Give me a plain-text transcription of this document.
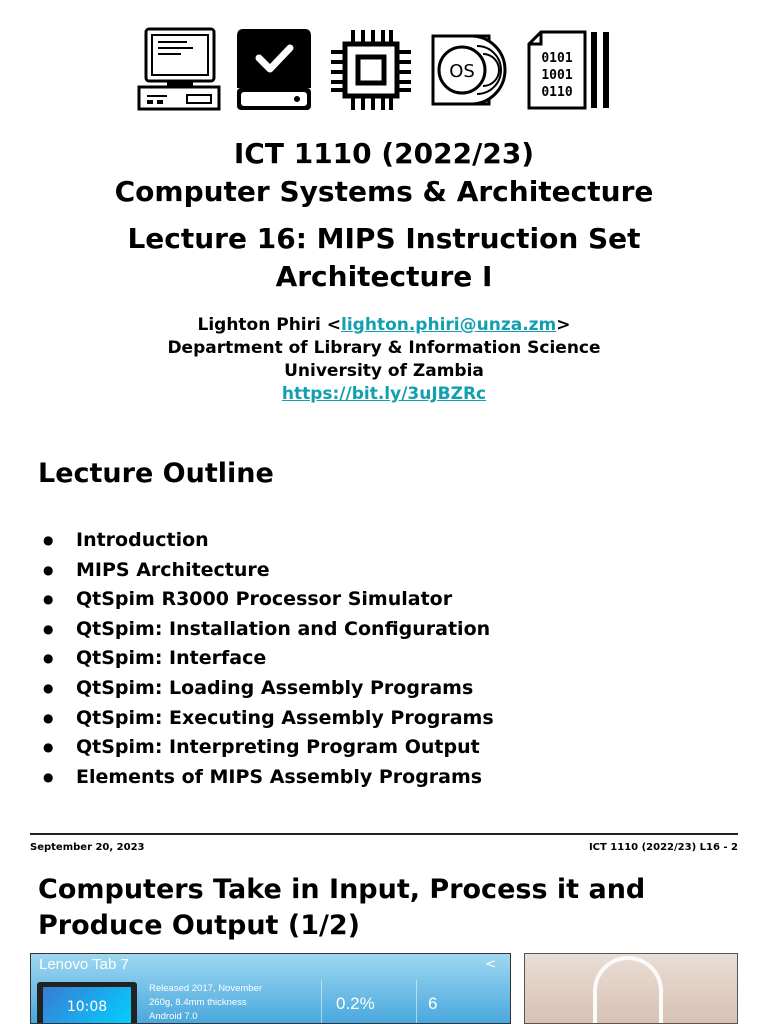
OS
0101
1001
0110
ICT 1110 (2022/23)
Computer Systems & Architecture
Lecture 16: MIPS Instruction Set
Architecture I
Lighton Phiri <lighton.phiri@unza.zm>
Department of Library & Information Science
University of Zambia
https://bit.ly/3uJBZRc
Lecture Outline
● Introduction
● MIPS Architecture
● QtSpim R3000 Processor Simulator
● QtSpim: Installation and Configuration
● QtSpim: Interface
● QtSpim: Loading Assembly Programs
● QtSpim: Executing Assembly Programs
● QtSpim: Interpreting Program Output
● Elements of MIPS Assembly Programs
September 20, 2023	ICT 1110 (2022/23) L16 - 2
Computers Take in Input, Process it and
Produce Output (1/2)
Lenovo Tab 7	<
10:08
Released 2017, November
260g, 8.4mm thickness
Android 7.0
0.2%	6
